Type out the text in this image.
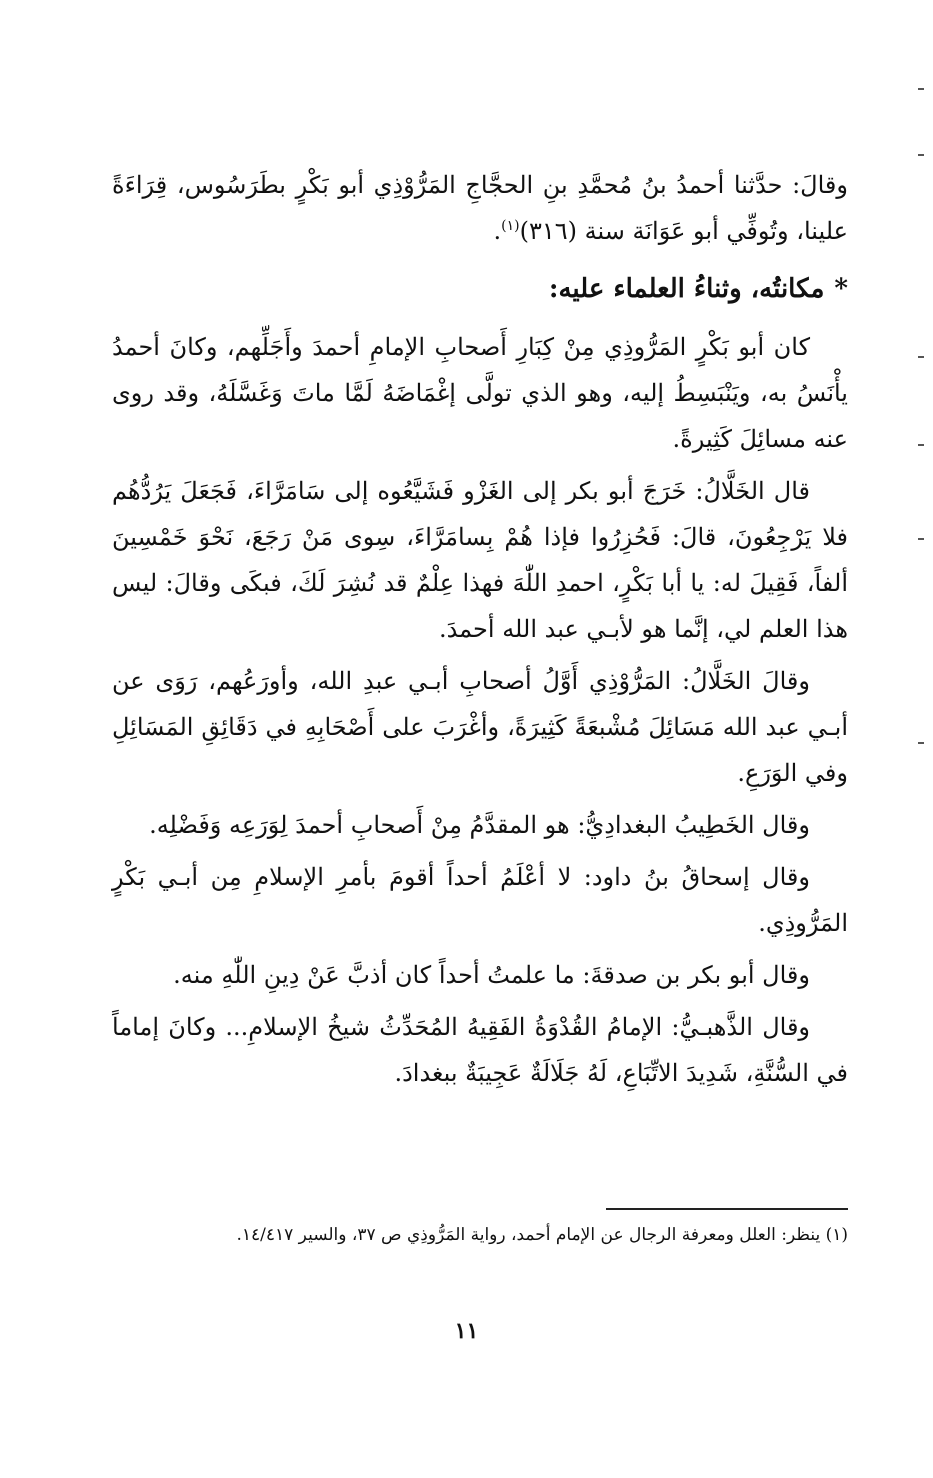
وقالَ: حدَّثنا أحمدُ بنُ مُحمَّدِ بنِ الحجَّاجِ المَرُّوْذِي أبو بَكْرٍ بطَرَسُوس، قِرَاءَةً علينا، وتُوفِّي أبو عَوَانَة سنة (٣١٦)$^{(١)}$.

*مكانتُه، وثناءُ العلماء عليه:

كان أبو بَكْرٍ المَرُّوذِي مِنْ كِبَارِ أَصحابِ الإمامِ أحمدَ وأَجَلِّهم، وكانَ أحمدُ يأْنَسُ به، ويَنْبَسِطُ إليه، وهو الذي تولَّى إغْمَاضَهُ لَمَّا ماتَ وَغَسَّلَهُ، وقد روى عنه مسائِلَ كَثِيرةً.

قال الخَلَّالُ: خَرَجَ أبو بكر إلى الغَزْو فَشَيَّعُوه إلى سَامَرَّاءَ، فَجَعَلَ يَرُدُّهُم فلا يَرْجِعُونَ، قالَ: فَحُزِرُوا فإذا هُمْ بِسامَرَّاءَ، سِوى مَنْ رَجَعَ، نَحْوَ خَمْسِينَ ألفاً، فَقِيلَ له: يا أبا بَكْرٍ، احمدِ اللّٰهَ فهذا عِلْمٌ قد نُشِرَ لَكَ، فبكَى وقالَ: ليس هذا العلم لي، إنَّما هو لأبـي عبد الله أحمدَ.

وقالَ الخَلَّالُ: المَرُّوْذِي أَوَّلُ أصحابِ أبـي عبدِ الله، وأورَعُهم، رَوَى عن أبـي عبد الله مَسَائِلَ مُشْبعَةً كَثِيرَةً، وأغْرَبَ على أَصْحَابِهِ في دَقَائِقِ المَسَائِلِ وفي الوَرَعِ.

وقال الخَطِيبُ البغدادِيُّ: هو المقدَّمُ مِنْ أَصحابِ أحمدَ لِوَرَعِه وَفَضْلِه.

وقال إسحاقُ بنُ داود: لا أعْلَمُ أحداً أقومَ بأمرِ الإسلامِ مِن أبـي بَكْرٍ المَرُّوذِي.

وقال أبو بكر بن صدقةَ: ما علمتُ أحداً كان أذبَّ عَنْ دِينِ اللّٰهِ منه.

وقال الذَّهبـيُّ: الإمامُ القُدْوَةُ الفَقِيهُ المُحَدِّثُ شيخُ الإسلامِ... وكانَ إماماً في السُّنَّةِ، شَدِيدَ الاتِّبَاعِ، لَهُ جَلَالَةٌ عَجِيبَةٌ ببغدادَ.

(١) ينظر: العلل ومعرفة الرجال عن الإمام أحمد، رواية المَرُّوذِي ص ٣٧، والسير ١٤/٤١٧.
١١
